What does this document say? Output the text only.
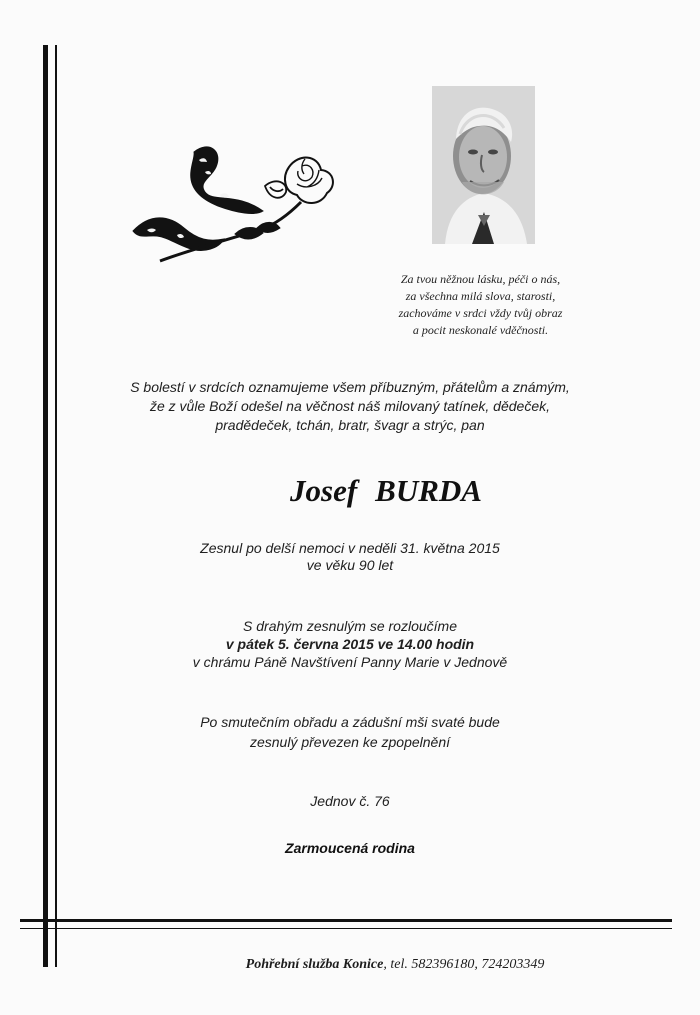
Za tvou něžnou lásku, péči o nás,
za všechna milá slova, starosti,
zachováme v srdci vždy tvůj obraz
a pocit neskonalé vděčnosti.
S bolestí v srdcích oznamujeme všem příbuzným, přátelům a známým,
že z vůle Boží odešel na věčnost náš milovaný tatínek, dědeček,
pradědeček, tchán, bratr, švagr a strýc, pan
Josef BURDA
Zesnul po delší nemoci v neděli 31. května 2015
ve věku 90 let
S drahým zesnulým se rozloučíme
v pátek 5. června 2015 ve 14.00 hodin
v chrámu Páně Navštívení Panny Marie v Jednově
Po smutečním obřadu a zádušní mši svaté bude
zesnulý převezen ke zpopelnění
Jednov č. 76
Zarmoucená rodina
Pohřební služba Konice, tel. 582396180, 724203349
